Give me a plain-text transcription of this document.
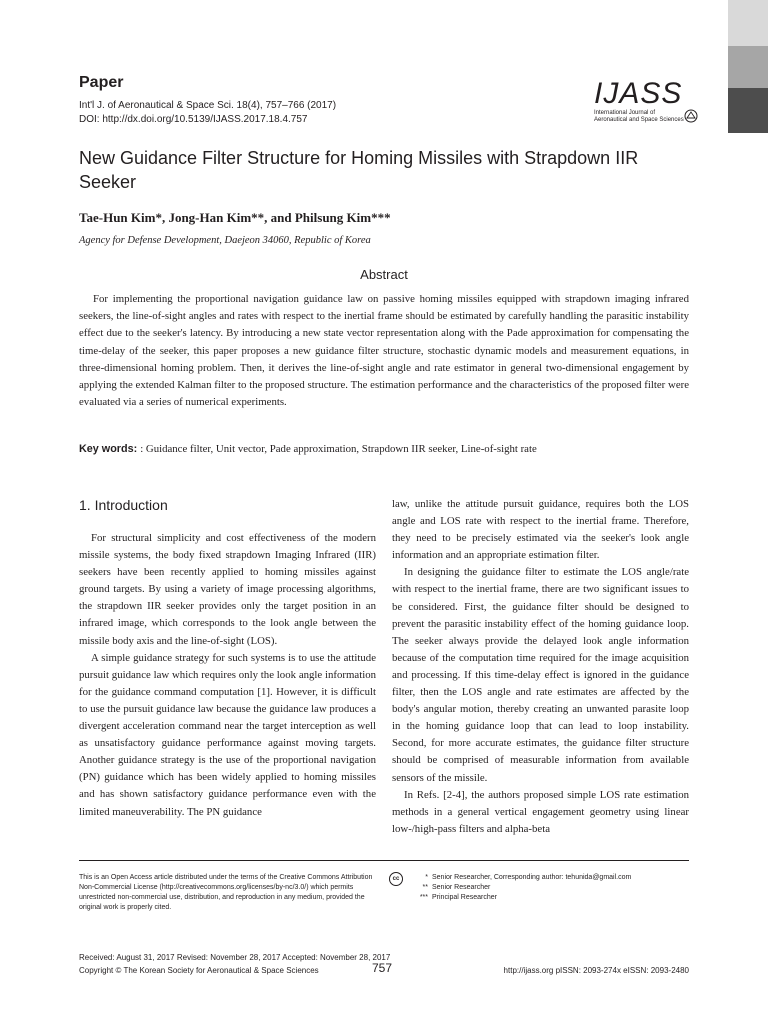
Paper
Int'l J. of Aeronautical & Space Sci. 18(4), 757–766 (2017)
DOI: http://dx.doi.org/10.5139/IJASS.2017.18.4.757
IJASS
International Journal of
Aeronautical and Space Sciences
New Guidance Filter Structure for Homing Missiles with Strapdown IIR Seeker
Tae-Hun Kim*, Jong-Han Kim**, and Philsung Kim***
Agency for Defense Development, Daejeon 34060, Republic of Korea
Abstract

For implementing the proportional navigation guidance law on passive homing missiles equipped with strapdown imaging infrared seekers, the line-of-sight angles and rates with respect to the inertial frame should be estimated by carefully handling the parasitic instability effect due to the seeker's latency. By introducing a new state vector representation along with the Pade approximation for compensating the time-delay of the seeker, this paper proposes a new guidance filter structure, stochastic dynamic models and measurement equations, in three-dimensional homing problem. Then, it derives the line-of-sight angle and rate estimator in general two-dimensional engagement by applying the extended Kalman filter to the proposed structure. The estimation performance and the characteristics of the proposed filter were evaluated via a series of numerical experiments.

Key words: : Guidance filter, Unit vector, Pade approximation, Strapdown IIR seeker, Line-of-sight rate
1. Introduction

For structural simplicity and cost effectiveness of the modern missile systems, the body fixed strapdown Imaging Infrared (IIR) seekers have been recently applied to homing missiles against ground targets. By using a variety of image processing algorithms, the strapdown IIR seeker provides only the target position in an infrared image, which corresponds to the look angle between the missile body axis and the line-of-sight (LOS).

A simple guidance strategy for such systems is to use the attitude pursuit guidance law which requires only the look angle information for the guidance command computation [1]. However, it is difficult to use the pursuit guidance law because the guidance law produces a divergent acceleration command near the target interception as well as unsatisfactory guidance performance against moving targets. Another guidance strategy is the use of the proportional navigation (PN) guidance which has been widely applied to homing missiles and has shown satisfactory guidance performance even with the limited maneuverability. The PN guidance

law, unlike the attitude pursuit guidance, requires both the LOS angle and LOS rate with respect to the inertial frame. Therefore, they need to be precisely estimated via the seeker's look angle information and an appropriate estimation filter.

In designing the guidance filter to estimate the LOS angle/rate with respect to the inertial frame, there are two significant issues to be considered. First, the guidance filter should be designed to prevent the parasitic instability effect of the homing guidance loop. The seeker always provide the delayed look angle information because of the computation time required for the image acquisition and processing. If this time-delay effect is ignored in the guidance filter, then the LOS angle and rate estimates are affected by the body's angular motion, thereby creating an unwanted parasite loop in the homing guidance loop that can lead to loop instability. Second, for more accurate estimates, the guidance filter structure should be comprised of measurable information from available sensors of the missile.

In Refs. [2-4], the authors proposed simple LOS rate estimation methods in a general vertical engagement geometry using linear low-/high-pass filters and alpha-beta

This is an Open Access article distributed under the terms of the Creative Commons Attribution Non-Commercial License (http://creativecommons.org/licenses/by-nc/3.0/) which permits unrestricted non-commercial use, distribution, and reproduction in any medium, provided the original work is properly cited.
cc	* Senior Researcher, Corresponding author: tehunida@gmail.com
** Senior Researcher
*** Principal Researcher
Received: August 31, 2017 Revised: November 28, 2017 Accepted: November 28, 2017
Copyright © The Korean Society for Aeronautical & Space Sciences	757	http://ijass.org pISSN: 2093-274x eISSN: 2093-2480
